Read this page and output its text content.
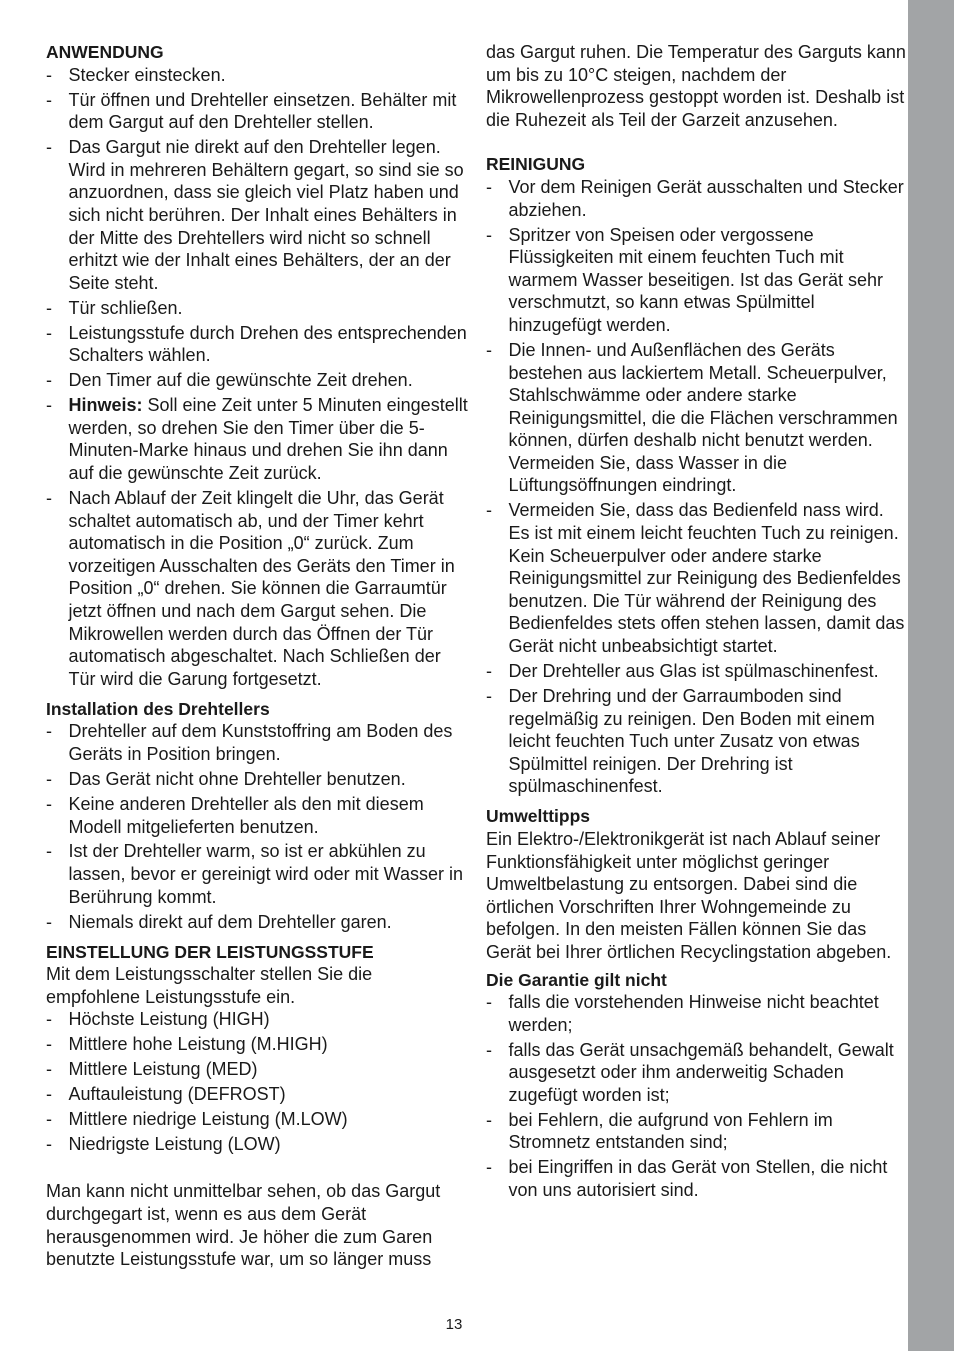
ANWENDUNG
- Stecker einstecken.
- Tür öffnen und Drehteller einsetzen. Behälter mit dem Gargut auf den Drehteller stellen.
- Das Gargut nie direkt auf den Drehteller legen. Wird in mehreren Behältern gegart, so sind sie so anzuordnen, dass sie gleich viel Platz haben und sich nicht berühren. Der Inhalt eines Behälters in der Mitte des Drehtellers wird nicht so schnell erhitzt wie der Inhalt eines Behälters, der an der Seite steht.
- Tür schließen.
- Leistungsstufe durch Drehen des entsprechenden Schalters wählen.
- Den Timer auf die gewünschte Zeit drehen.
- Hinweis: Soll eine Zeit unter 5 Minuten eingestellt werden, so drehen Sie den Timer über die 5-Minuten-Marke hinaus und drehen Sie ihn dann auf die gewünschte Zeit zurück.
- Nach Ablauf der Zeit klingelt die Uhr, das Gerät schaltet automatisch ab, und der Timer kehrt automatisch in die Position „0“ zurück. Zum vorzeitigen Ausschalten des Geräts den Timer in Position „0“ drehen. Sie können die Garraumtür jetzt öffnen und nach dem Gargut sehen. Die Mikrowellen werden durch das Öffnen der Tür automatisch abgeschaltet. Nach Schließen der Tür wird die Garung fortgesetzt.
Installation des Drehtellers
- Drehteller auf dem Kunststoffring am Boden des Geräts in Position bringen.
- Das Gerät nicht ohne Drehteller benutzen.
- Keine anderen Drehteller als den mit diesem Modell mitgelieferten benutzen.
- Ist der Drehteller warm, so ist er abkühlen zu lassen, bevor er gereinigt wird oder mit Wasser in Berührung kommt.
- Niemals direkt auf dem Drehteller garen.
EINSTELLUNG DER LEISTUNGSSTUFE

Mit dem Leistungsschalter stellen Sie die empfohlene Leistungsstufe ein.

- Höchste Leistung (HIGH)
- Mittlere hohe Leistung (M.HIGH)
- Mittlere Leistung (MED)
- Auftauleistung (DEFROST)
- Mittlere niedrige Leistung (M.LOW)
- Niedrigste Leistung (LOW)

Man kann nicht unmittelbar sehen, ob das Gargut durchgegart ist, wenn es aus dem Gerät herausgenommen wird. Je höher die zum Garen benutzte Leistungsstufe war, um so länger muss

das Gargut ruhen. Die Temperatur des Garguts kann um bis zu 10°C steigen, nachdem der Mikrowellenprozess gestoppt worden ist. Deshalb ist die Ruhezeit als Teil der Garzeit anzusehen.

REINIGUNG
- Vor dem Reinigen Gerät ausschalten und Stecker abziehen.
- Spritzer von Speisen oder vergossene Flüssigkeiten mit einem feuchten Tuch mit warmem Wasser beseitigen. Ist das Gerät sehr verschmutzt, so kann etwas Spülmittel hinzugefügt werden.
- Die Innen- und Außenflächen des Geräts bestehen aus lackiertem Metall. Scheuerpulver, Stahlschwämme oder andere starke Reinigungsmittel, die die Flächen verschrammen können, dürfen deshalb nicht benutzt werden. Vermeiden Sie, dass Wasser in die Lüftungsöffnungen eindringt.
- Vermeiden Sie, dass das Bedienfeld nass wird. Es ist mit einem leicht feuchten Tuch zu reinigen. Kein Scheuerpulver oder andere starke Reinigungsmittel zur Reinigung des Bedienfeldes benutzen. Die Tür während der Reinigung des Bedienfeldes stets offen stehen lassen, damit das Gerät nicht unbeabsichtigt startet.
- Der Drehteller aus Glas ist spülmaschinenfest.
- Der Drehring und der Garraumboden sind regelmäßig zu reinigen. Den Boden mit einem leicht feuchten Tuch unter Zusatz von etwas Spülmittel reinigen. Der Drehring ist spülmaschinenfest.
Umwelttipps

Ein Elektro-/Elektronikgerät ist nach Ablauf seiner Funktionsfähigkeit unter möglichst geringer Umweltbelastung zu entsorgen. Dabei sind die örtlichen Vorschriften Ihrer Wohngemeinde zu befolgen. In den meisten Fällen können Sie das Gerät bei Ihrer örtlichen Recyclingstation abgeben.

Die Garantie gilt nicht
- falls die vorstehenden Hinweise nicht beachtet werden;
- falls das Gerät unsachgemäß behandelt, Gewalt ausgesetzt oder ihm anderweitig Schaden zugefügt worden ist;
- bei Fehlern, die aufgrund von Fehlern im Stromnetz entstanden sind;
- bei Eingriffen in das Gerät von Stellen, die nicht von uns autorisiert sind.
13
